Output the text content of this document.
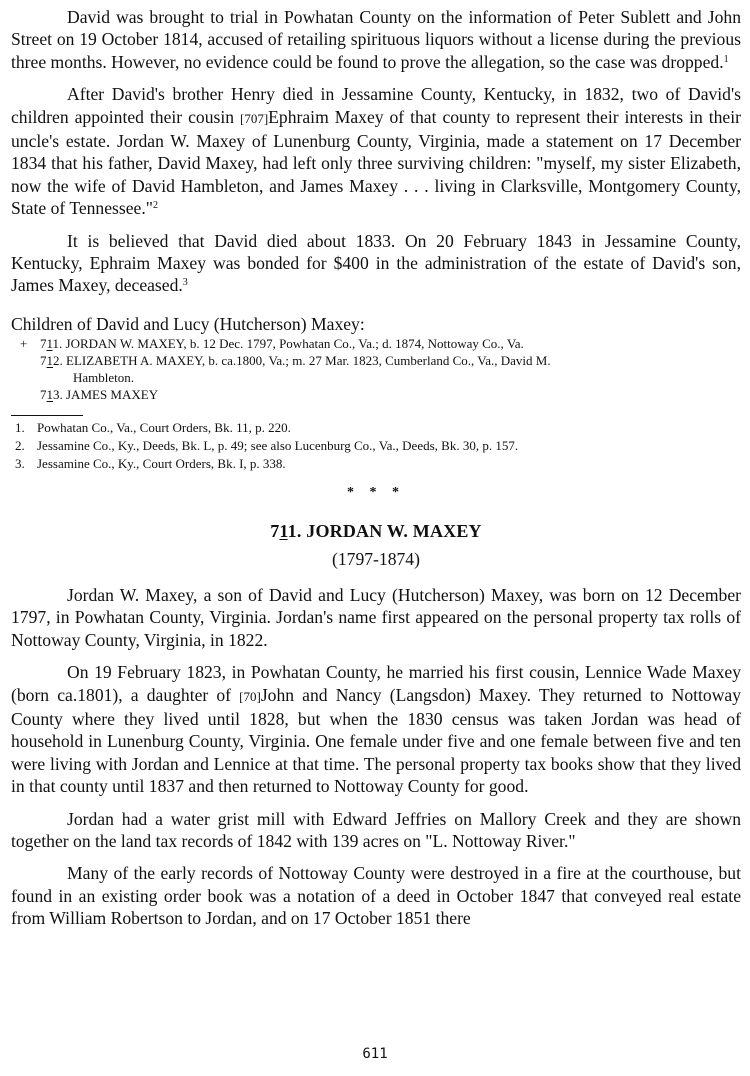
David was brought to trial in Powhatan County on the information of Peter Sublett and John Street on 19 October 1814, accused of retailing spirituous liquors without a license during the previous three months. However, no evidence could be found to prove the allegation, so the case was dropped.$^1$

After David's brother Henry died in Jessamine County, Kentucky, in 1832, two of David's children appointed their cousin [707]Ephraim Maxey of that county to represent their interests in their uncle's estate. Jordan W. Maxey of Lunenburg County, Virginia, made a statement on 17 December 1834 that his father, David Maxey, had left only three surviving children: "myself, my sister Elizabeth, now the wife of David Hambleton, and James Maxey . . . living in Clarksville, Montgomery County, State of Tennessee."$^2$

It is believed that David died about 1833. On 20 February 1843 in Jessamine County, Kentucky, Ephraim Maxey was bonded for $400 in the administration of the estate of David's son, James Maxey, deceased.$^3$

Children of David and Lucy (Hutcherson) Maxey:
+ 711. JORDAN W. MAXEY, b. 12 Dec. 1797, Powhatan Co., Va.; d. 1874, Nottoway Co., Va.
712. ELIZABETH A. MAXEY, b. ca.1800, Va.; m. 27 Mar. 1823, Cumberland Co., Va., David M.
Hambleton.
713. JAMES MAXEY
1. Powhatan Co., Va., Court Orders, Bk. 11, p. 220.
2. Jessamine Co., Ky., Deeds, Bk. L, p. 49; see also Lucenburg Co., Va., Deeds, Bk. 30, p. 157.
3. Jessamine Co., Ky., Court Orders, Bk. I, p. 338.
* * *
711. JORDAN W. MAXEY
(1797-1874)

Jordan W. Maxey, a son of David and Lucy (Hutcherson) Maxey, was born on 12 December 1797, in Powhatan County, Virginia. Jordan's name first appeared on the personal property tax rolls of Nottoway County, Virginia, in 1822.

On 19 February 1823, in Powhatan County, he married his first cousin, Lennice Wade Maxey (born ca.1801), a daughter of [70]John and Nancy (Langsdon) Maxey. They returned to Nottoway County where they lived until 1828, but when the 1830 census was taken Jordan was head of household in Lunenburg County, Virginia. One female under five and one female between five and ten were living with Jordan and Lennice at that time. The personal property tax books show that they lived in that county until 1837 and then returned to Nottoway County for good.

Jordan had a water grist mill with Edward Jeffries on Mallory Creek and they are shown together on the land tax records of 1842 with 139 acres on "L. Nottoway River."

Many of the early records of Nottoway County were destroyed in a fire at the courthouse, but found in an existing order book was a notation of a deed in October 1847 that conveyed real estate from William Robertson to Jordan, and on 17 October 1851 there

611
